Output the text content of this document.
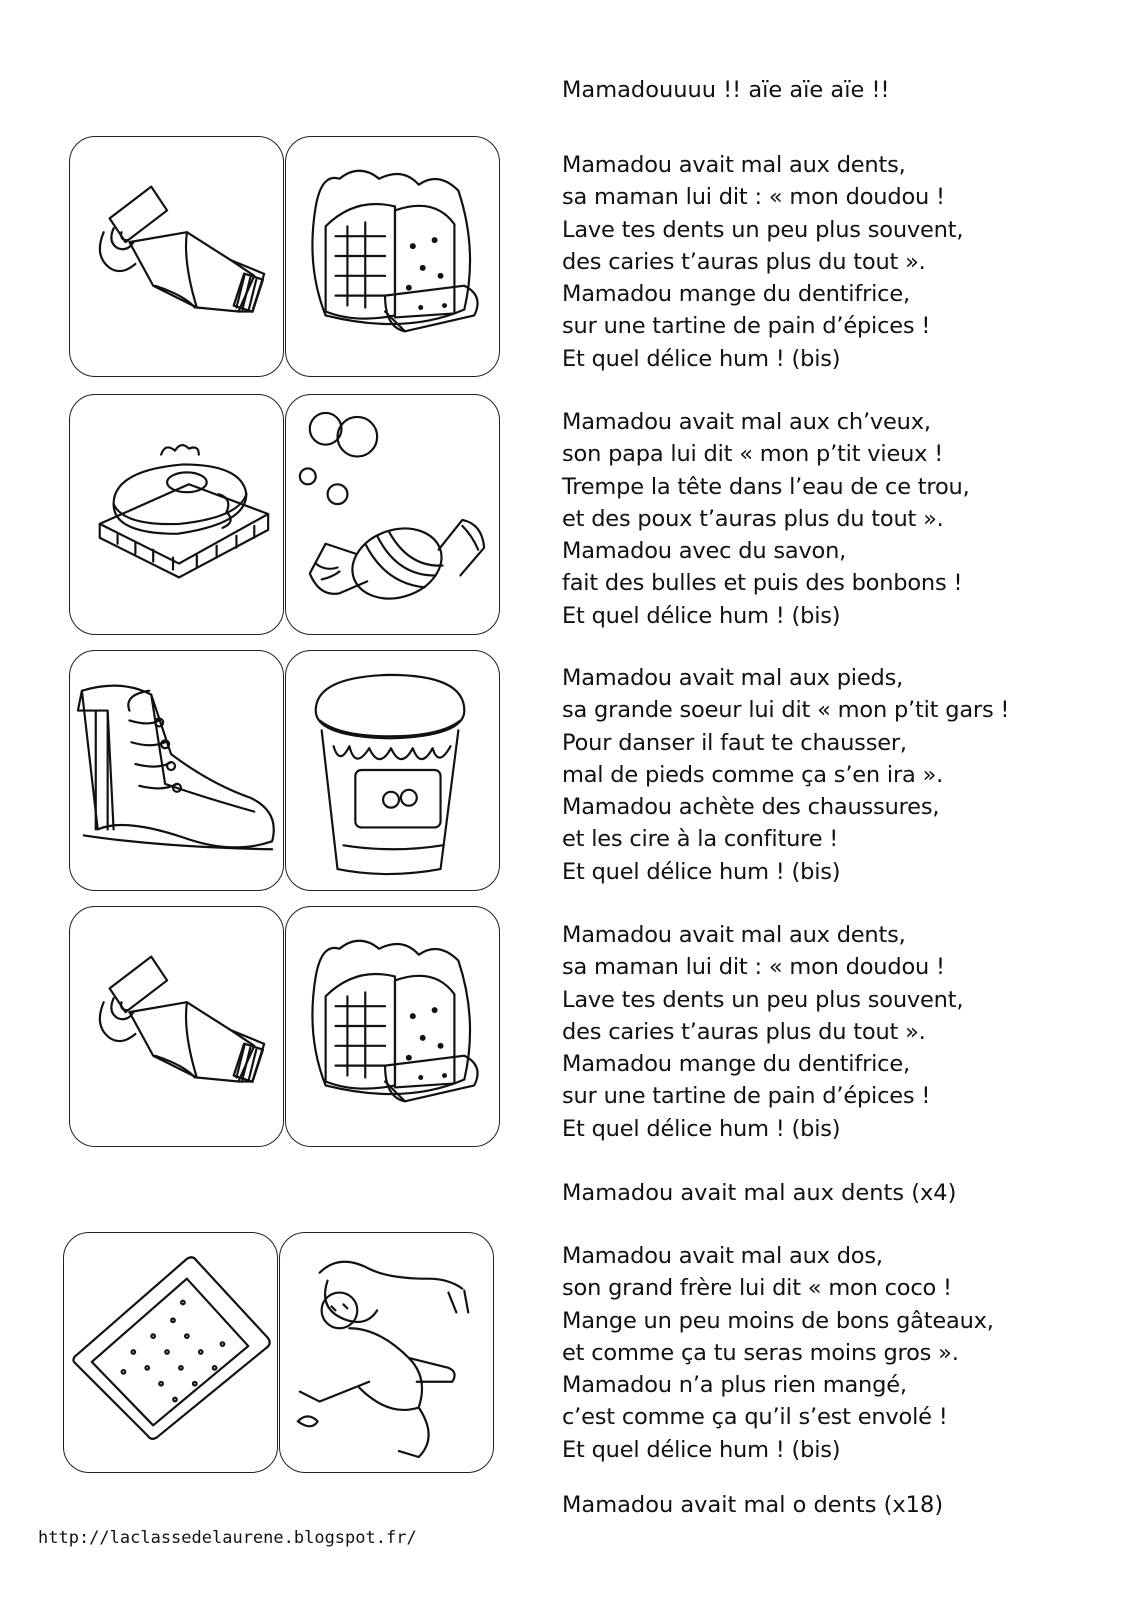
Mamadouuuu !! aïe aïe aïe !!
Mamadou avait mal aux dents,
sa maman lui dit : « mon doudou !
Lave tes dents un peu plus souvent,
des caries t’auras plus du tout ».
Mamadou mange du dentifrice,
sur une tartine de pain d’épices !
Et quel délice hum ! (bis)
Mamadou avait mal aux ch’veux,
son papa lui dit « mon p’tit vieux !
Trempe la tête dans l’eau de ce trou,
et des poux t’auras plus du tout ».
Mamadou avec du savon,
fait des bulles et puis des bonbons !
Et quel délice hum ! (bis)
Mamadou avait mal aux pieds,
sa grande soeur lui dit « mon p’tit gars !
Pour danser il faut te chausser,
mal de pieds comme ça s’en ira ».
Mamadou achète des chaussures,
et les cire à la confiture !
Et quel délice hum ! (bis)
Mamadou avait mal aux dents,
sa maman lui dit : « mon doudou !
Lave tes dents un peu plus souvent,
des caries t’auras plus du tout ».
Mamadou mange du dentifrice,
sur une tartine de pain d’épices !
Et quel délice hum ! (bis)
Mamadou avait mal aux dents (x4)
Mamadou avait mal aux dos,
son grand frère lui dit « mon coco !
Mange un peu moins de bons gâteaux,
et comme ça tu seras moins gros ».
Mamadou n’a plus rien mangé,
c’est comme ça qu’il s’est envolé !
Et quel délice hum ! (bis)
Mamadou avait mal o dents (x18)
http://laclassedelaurene.blogspot.fr/
